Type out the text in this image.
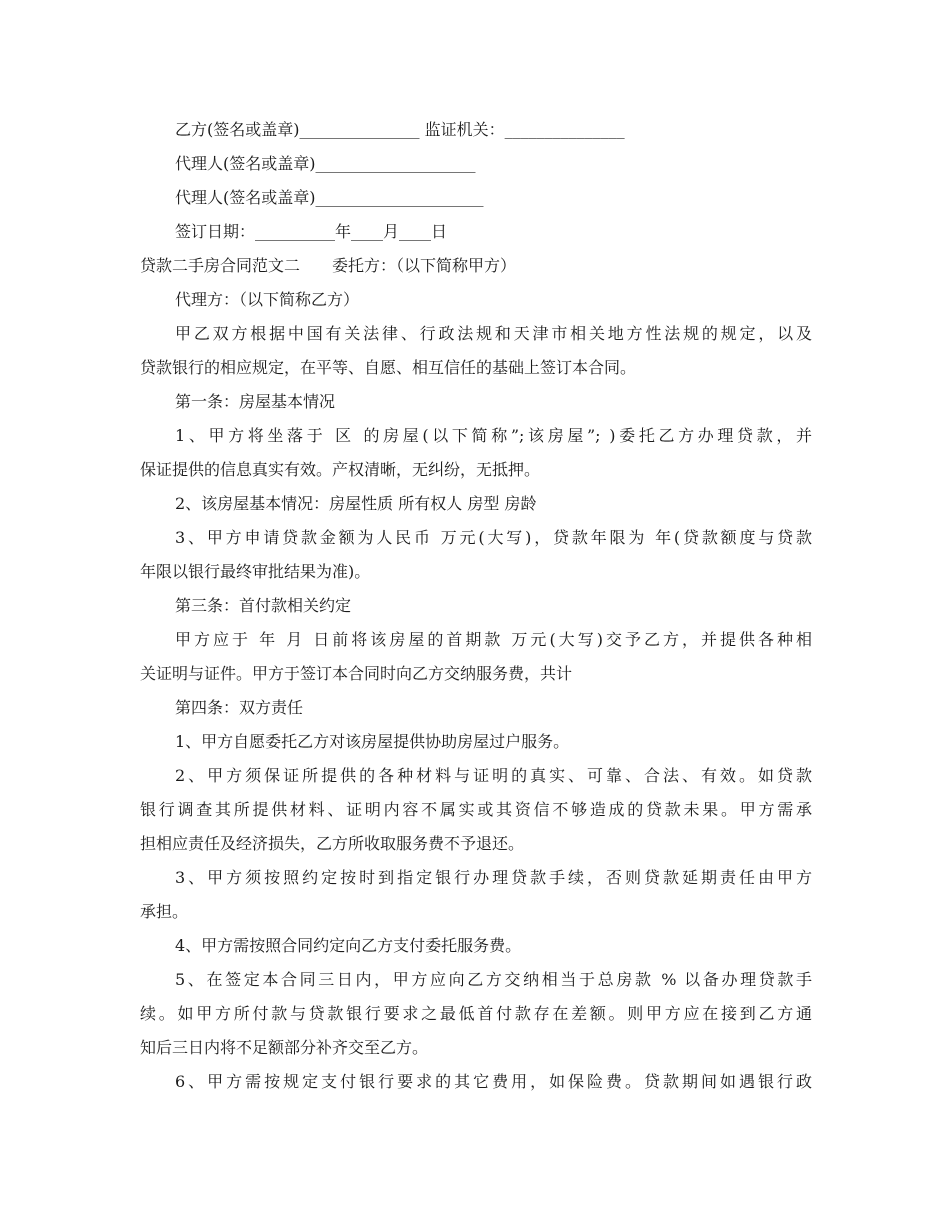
乙方(签名或盖章)_______________ 监证机关：_______________
代理人(签名或盖章)____________________
代理人(签名或盖章)_____________________
签订日期：__________年____月____日
贷款二手房合同范文二　　委托方：（以下简称甲方）
代理方：（以下简称乙方）
甲乙双方根据中国有关法律、行政法规和天津市相关地方性法规的规定，以及
贷款银行的相应规定，在平等、自愿、相互信任的基础上签订本合同。
第一条：房屋基本情况
1、甲方将坐落于 区 的房屋(以下简称”;该房屋”; )委托乙方办理贷款，并
保证提供的信息真实有效。产权清晰，无纠纷，无抵押。
2、该房屋基本情况：房屋性质 所有权人 房型 房龄
3、甲方申请贷款金额为人民币 万元(大写)，贷款年限为 年(贷款额度与贷款
年限以银行最终审批结果为准)。
第三条：首付款相关约定
甲方应于 年 月 日前将该房屋的首期款 万元(大写)交予乙方，并提供各种相
关证明与证件。甲方于签订本合同时向乙方交纳服务费，共计
第四条：双方责任
1、甲方自愿委托乙方对该房屋提供协助房屋过户服务。
2、甲方须保证所提供的各种材料与证明的真实、可靠、合法、有效。如贷款
银行调查其所提供材料、证明内容不属实或其资信不够造成的贷款未果。甲方需承
担相应责任及经济损失，乙方所收取服务费不予退还。
3、甲方须按照约定按时到指定银行办理贷款手续，否则贷款延期责任由甲方
承担。
4、甲方需按照合同约定向乙方支付委托服务费。
5、在签定本合同三日内，甲方应向乙方交纳相当于总房款 % 以备办理贷款手
续。如甲方所付款与贷款银行要求之最低首付款存在差额。则甲方应在接到乙方通
知后三日内将不足额部分补齐交至乙方。
6、甲方需按规定支付银行要求的其它费用，如保险费。贷款期间如遇银行政
